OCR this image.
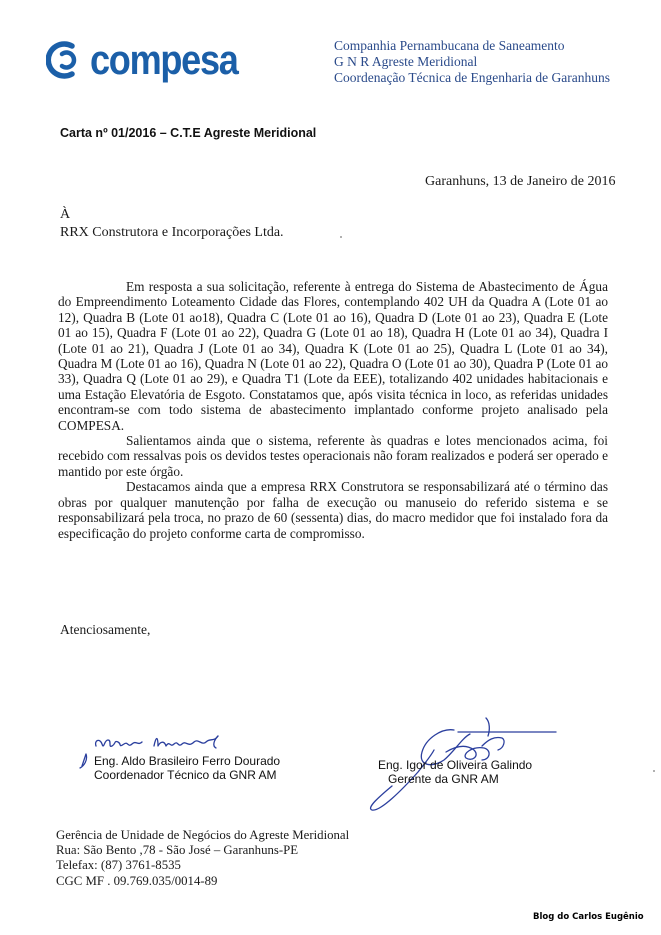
compesa	Companhia Pernambucana de Saneamento
G N R Agreste Meridional
Coordenação Técnica de Engenharia de Garanhuns
Carta nº 01/2016 – C.T.E Agreste Meridional
Garanhuns, 13 de Janeiro de 2016
À
RRX Construtora e Incorporações Ltda.

Em resposta a sua solicitação, referente à entrega do Sistema de Abastecimento de Água do Empreendimento Loteamento Cidade das Flores, contemplando 402 UH da Quadra A (Lote 01 ao 12), Quadra B (Lote 01 ao18), Quadra C (Lote 01 ao 16), Quadra D (Lote 01 ao 23), Quadra E (Lote 01 ao 15), Quadra F (Lote 01 ao 22), Quadra G (Lote 01 ao 18), Quadra H (Lote 01 ao 34), Quadra I (Lote 01 ao 21), Quadra J (Lote 01 ao 34), Quadra K (Lote 01 ao 25), Quadra L (Lote 01 ao 34), Quadra M (Lote 01 ao 16), Quadra N (Lote 01 ao 22), Quadra O (Lote 01 ao 30), Quadra P (Lote 01 ao 33), Quadra Q (Lote 01 ao 29), e Quadra T1 (Lote da EEE), totalizando 402 unidades habitacionais e uma Estação Elevatória de Esgoto. Constatamos que, após visita técnica in loco, as referidas unidades encontram-se com todo sistema de abastecimento implantado conforme projeto analisado pela COMPESA.

Salientamos ainda que o sistema, referente às quadras e lotes mencionados acima, foi recebido com ressalvas pois os devidos testes operacionais não foram realizados e poderá ser operado e mantido por este órgão.

Destacamos ainda que a empresa RRX Construtora se responsabilizará até o término das obras por qualquer manutenção por falha de execução ou manuseio do referido sistema e se responsabilizará pela troca, no prazo de 60 (sessenta) dias, do macro medidor que foi instalado fora da especificação do projeto conforme carta de compromisso.

Atenciosamente,
Eng. Aldo Brasileiro Ferro Dourado
Coordenador Técnico da GNR AM
Eng. Igor de Oliveira Galindo
Gerente da GNR AM
Gerência de Unidade de Negócios do Agreste Meridional
Rua: São Bento ,78 - São José – Garanhuns-PE
Telefax: (87) 3761-8535
CGC MF . 09.769.035/0014-89
Blog do Carlos Eugênio
